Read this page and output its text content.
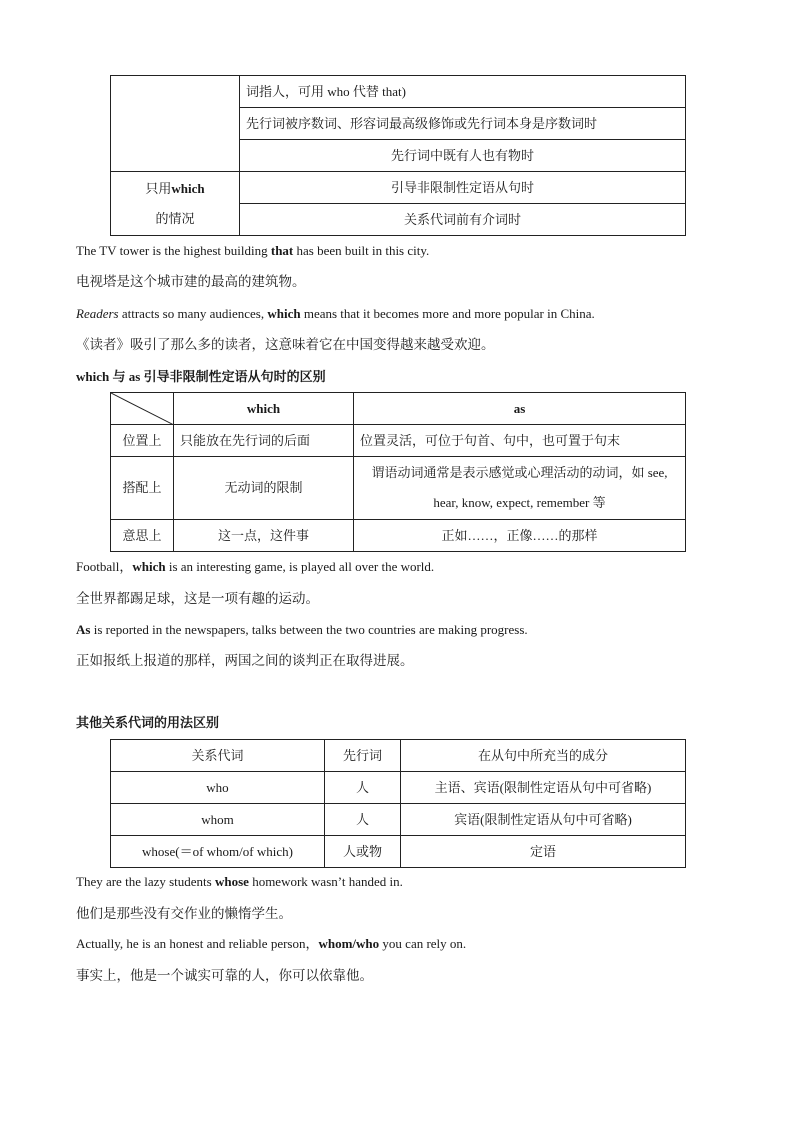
	词指人，可用 who 代替 that)
	先行词被序数词、形容词最高级修饰或先行词本身是序数词时
	先行词中既有人也有物时
只用which
的情况	引导非限制性定语从句时
	关系代词前有介词时
The TV tower is the highest building that has been built in this city.
电视塔是这个城市建的最高的建筑物。
Readers attracts so many audiences, which means that it becomes more and more popular in China.
《读者》吸引了那么多的读者，这意味着它在中国变得越来越受欢迎。
which 与 as 引导非限制性定语从句时的区别
	which	as
位置上	只能放在先行词的后面	位置灵活，可位于句首、句中，也可置于句末
搭配上	无动词的限制	谓语动词通常是表示感觉或心理活动的动词，如 see,
hear, know, expect, remember 等
意思上	这一点，这件事	正如……，正像……的那样
Football，which is an interesting game, is played all over the world.
全世界都踢足球，这是一项有趣的运动。
As is reported in the newspapers, talks between the two countries are making progress.
正如报纸上报道的那样，两国之间的谈判正在取得进展。
其他关系代词的用法区别
关系代词	先行词	在从句中所充当的成分
who	人	主语、宾语(限制性定语从句中可省略)
whom	人	宾语(限制性定语从句中可省略)
whose(＝of whom/of which)	人或物	定语
They are the lazy students whose homework wasn’t handed in.
他们是那些没有交作业的懒惰学生。
Actually, he is an honest and reliable person，whom/who you can rely on.
事实上，他是一个诚实可靠的人，你可以依靠他。
